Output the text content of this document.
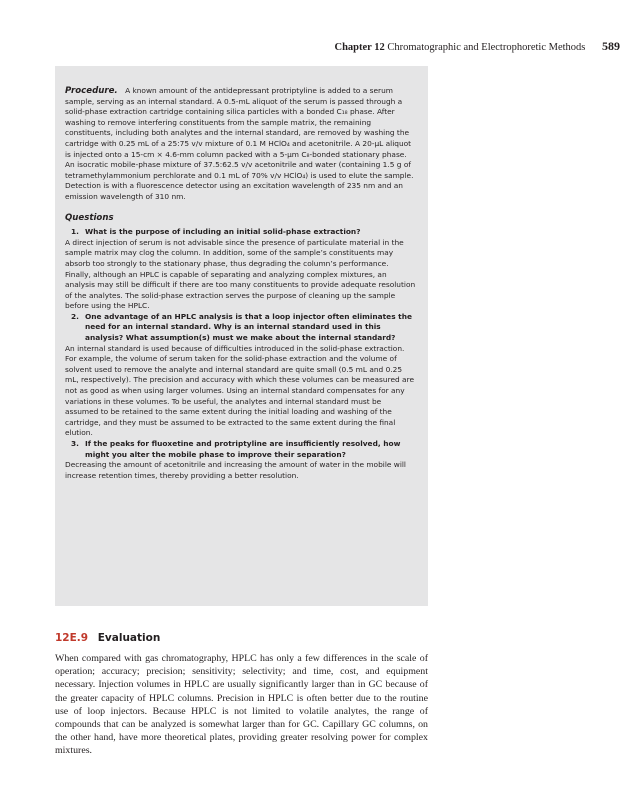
Chapter 12 Chromatographic and Electrophoretic Methods 589

Procedure. A known amount of the antidepressant protriptyline is added to a serum sample, serving as an internal standard. A 0.5-mL aliquot of the serum is passed through a solid-phase extraction cartridge containing silica particles with a bonded C₁₈ phase. After washing to remove interfering constituents from the sample matrix, the remaining constituents, including both analytes and the internal standard, are removed by washing the cartridge with 0.25 mL of a 25:75 v/v mixture of 0.1 M HClO₄ and acetonitrile. A 20-μL aliquot is injected onto a 15-cm × 4.6-mm column packed with a 5-μm C₈-bonded stationary phase. An isocratic mobile-phase mixture of 37.5:62.5 v/v acetonitrile and water (containing 1.5 g of tetramethylammonium perchlorate and 0.1 mL of 70% v/v HClO₄) is used to elute the sample. Detection is with a fluorescence detector using an excitation wavelength of 235 nm and an emission wavelength of 310 nm.

Questions
1. What is the purpose of including an initial solid-phase extraction?

A direct injection of serum is not advisable since the presence of particulate material in the sample matrix may clog the column. In addition, some of the sample’s constituents may absorb too strongly to the stationary phase, thus degrading the column’s performance. Finally, although an HPLC is capable of separating and analyzing complex mixtures, an analysis may still be difficult if there are too many constituents to provide adequate resolution of the analytes. The solid-phase extraction serves the purpose of cleaning up the sample before using the HPLC.

2. One advantage of an HPLC analysis is that a loop injector often eliminates the need for an internal standard. Why is an internal standard used in this analysis? What assumption(s) must we make about the internal standard?

An internal standard is used because of difficulties introduced in the solid-phase extraction. For example, the volume of serum taken for the solid-phase extraction and the volume of solvent used to remove the analyte and internal standard are quite small (0.5 mL and 0.25 mL, respectively). The precision and accuracy with which these volumes can be measured are not as good as when using larger volumes. Using an internal standard compensates for any variations in these volumes. To be useful, the analytes and internal standard must be assumed to be retained to the same extent during the initial loading and washing of the cartridge, and they must be assumed to be extracted to the same extent during the final elution.

3. If the peaks for fluoxetine and protriptyline are insufficiently resolved, how might you alter the mobile phase to improve their separation?

Decreasing the amount of acetonitrile and increasing the amount of water in the mobile will increase retention times, thereby providing a better resolution.

12E.9 Evaluation

When compared with gas chromatography, HPLC has only a few differences in the scale of operation; accuracy; precision; sensitivity; selectivity; and time, cost, and equipment necessary. Injection volumes in HPLC are usually significantly larger than in GC because of the greater capacity of HPLC columns. Precision in HPLC is often better due to the routine use of loop injectors. Because HPLC is not limited to volatile analytes, the range of compounds that can be analyzed is somewhat larger than for GC. Capillary GC columns, on the other hand, have more theoretical plates, providing greater resolving power for complex mixtures.
